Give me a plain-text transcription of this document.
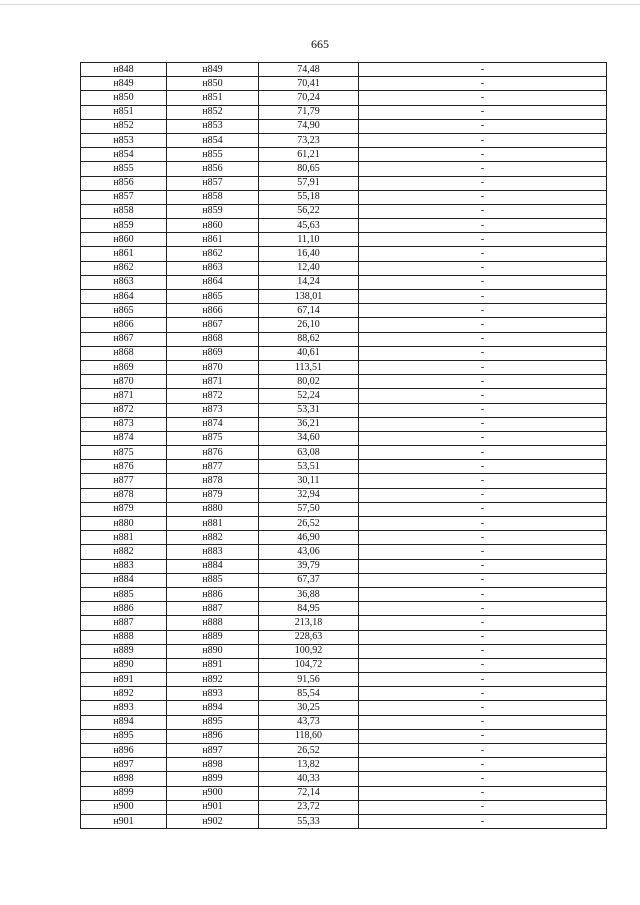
665
н848	н849	74,48	-
н849	н850	70,41	-
н850	н851	70,24	-
н851	н852	71,79	-
н852	н853	74,90	-
н853	н854	73,23	-
н854	н855	61,21	-
н855	н856	80,65	-
н856	н857	57,91	-
н857	н858	55,18	-
н858	н859	56,22	-
н859	н860	45,63	-
н860	н861	11,10	-
н861	н862	16,40	-
н862	н863	12,40	-
н863	н864	14,24	-
н864	н865	138,01	-
н865	н866	67,14	-
н866	н867	26,10	-
н867	н868	88,62	-
н868	н869	40,61	-
н869	н870	113,51	-
н870	н871	80,02	-
н871	н872	52,24	-
н872	н873	53,31	-
н873	н874	36,21	-
н874	н875	34,60	-
н875	н876	63,08	-
н876	н877	53,51	-
н877	н878	30,11	-
н878	н879	32,94	-
н879	н880	57,50	-
н880	н881	26,52	-
н881	н882	46,90	-
н882	н883	43,06	-
н883	н884	39,79	-
н884	н885	67,37	-
н885	н886	36,88	-
н886	н887	84,95	-
н887	н888	213,18	-
н888	н889	228,63	-
н889	н890	100,92	-
н890	н891	104,72	-
н891	н892	91,56	-
н892	н893	85,54	-
н893	н894	30,25	-
н894	н895	43,73	-
н895	н896	118,60	-
н896	н897	26,52	-
н897	н898	13,82	-
н898	н899	40,33	-
н899	н900	72,14	-
н900	н901	23,72	-
н901	н902	55,33	-
